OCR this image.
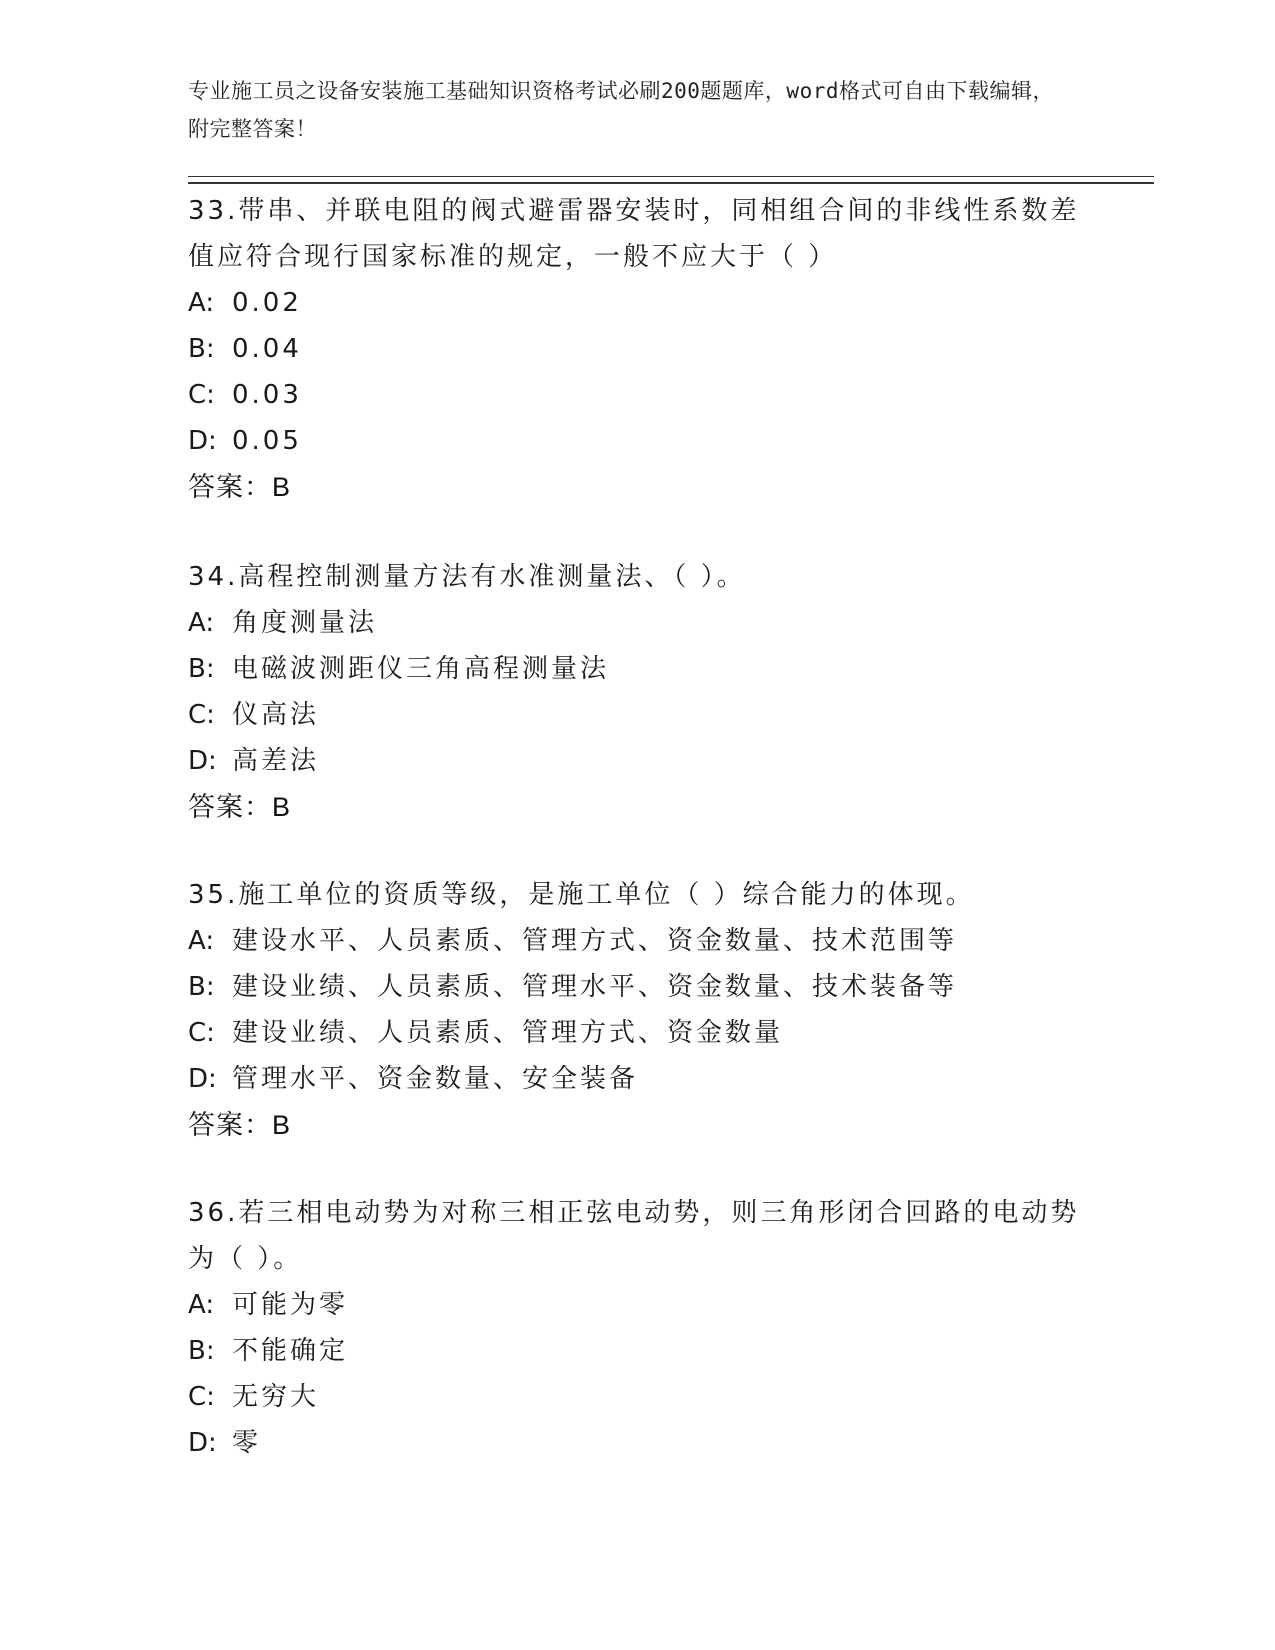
专业施工员之设备安装施工基础知识资格考试必刷200题题库，word格式可自由下载编辑，附完整答案！

33.带串、并联电阻的阀式避雷器安装时，同相组合间的非线性系数差值应符合现行国家标准的规定，一般不应大于（ ）

A: 0.02
B: 0.04
C: 0.03
D: 0.05
答案：B

34.高程控制测量方法有水准测量法、（ ）。

A: 角度测量法
B: 电磁波测距仪三角高程测量法
C: 仪高法
D: 高差法
答案：B

35.施工单位的资质等级，是施工单位（ ）综合能力的体现。

A: 建设水平、人员素质、管理方式、资金数量、技术范围等
B: 建设业绩、人员素质、管理水平、资金数量、技术装备等
C: 建设业绩、人员素质、管理方式、资金数量
D: 管理水平、资金数量、安全装备
答案：B

36.若三相电动势为对称三相正弦电动势，则三角形闭合回路的电动势为（ ）。

A: 可能为零
B: 不能确定
C: 无穷大
D: 零
